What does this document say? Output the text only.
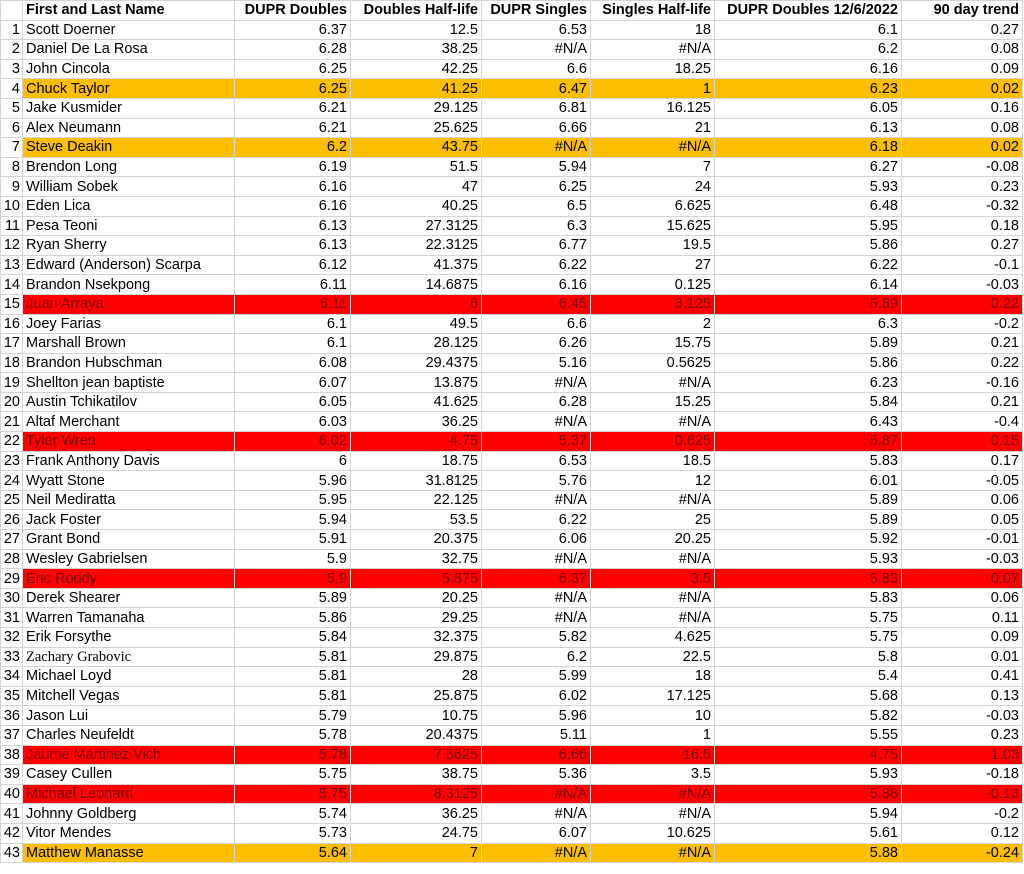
	First and Last Name	DUPR Doubles	Doubles Half-life	DUPR Singles	Singles Half-life	DUPR Doubles 12/6/2022	90 day trend
1	Scott Doerner	6.37	12.5	6.53	18	6.1	0.27
2	Daniel De La Rosa	6.28	38.25	#N/A	#N/A	6.2	0.08
3	John Cincola	6.25	42.25	6.6	18.25	6.16	0.09
4	Chuck Taylor	6.25	41.25	6.47	1	6.23	0.02
5	Jake Kusmider	6.21	29.125	6.81	16.125	6.05	0.16
6	Alex Neumann	6.21	25.625	6.66	21	6.13	0.08
7	Steve Deakin	6.2	43.75	#N/A	#N/A	6.18	0.02
8	Brendon Long	6.19	51.5	5.94	7	6.27	-0.08
9	William Sobek	6.16	47	6.25	24	5.93	0.23
10	Eden Lica	6.16	40.25	6.5	6.625	6.48	-0.32
11	Pesa Teoni	6.13	27.3125	6.3	15.625	5.95	0.18
12	Ryan Sherry	6.13	22.3125	6.77	19.5	5.86	0.27
13	Edward (Anderson) Scarpa	6.12	41.375	6.22	27	6.22	-0.1
14	Brandon Nsekpong	6.11	14.6875	6.16	0.125	6.14	-0.03
15	Juan Arraya	6.11	6	6.45	3.125	5.89	0.22
16	Joey Farias	6.1	49.5	6.6	2	6.3	-0.2
17	Marshall Brown	6.1	28.125	6.26	15.75	5.89	0.21
18	Brandon Hubschman	6.08	29.4375	5.16	0.5625	5.86	0.22
19	Shellton jean baptiste	6.07	13.875	#N/A	#N/A	6.23	-0.16
20	Austin Tchikatilov	6.05	41.625	6.28	15.25	5.84	0.21
21	Altaf Merchant	6.03	36.25	#N/A	#N/A	6.43	-0.4
22	Tyler Wren	6.02	4.75	5.37	0.625	5.87	0.15
23	Frank Anthony Davis	6	18.75	6.53	18.5	5.83	0.17
24	Wyatt Stone	5.96	31.8125	5.76	12	6.01	-0.05
25	Neil Mediratta	5.95	22.125	#N/A	#N/A	5.89	0.06
26	Jack Foster	5.94	53.5	6.22	25	5.89	0.05
27	Grant Bond	5.91	20.375	6.06	20.25	5.92	-0.01
28	Wesley Gabrielsen	5.9	32.75	#N/A	#N/A	5.93	-0.03
29	Eric Roddy	5.9	5.875	6.37	3.5	5.83	0.07
30	Derek Shearer	5.89	20.25	#N/A	#N/A	5.83	0.06
31	Warren Tamanaha	5.86	29.25	#N/A	#N/A	5.75	0.11
32	Erik Forsythe	5.84	32.375	5.82	4.625	5.75	0.09
33	Zachary Grabovic	5.81	29.875	6.2	22.5	5.8	0.01
34	Michael Loyd	5.81	28	5.99	18	5.4	0.41
35	Mitchell Vegas	5.81	25.875	6.02	17.125	5.68	0.13
36	Jason Lui	5.79	10.75	5.96	10	5.82	-0.03
37	Charles Neufeldt	5.78	20.4375	5.11	1	5.55	0.23
38	Jaume Martinez Vich	5.78	7.5625	6.66	16.5	4.75	1.03
39	Casey Cullen	5.75	38.75	5.36	3.5	5.93	-0.18
40	Michael Leonard	5.75	8.3125	#N/A	#N/A	5.88	-0.13
41	Johnny Goldberg	5.74	36.25	#N/A	#N/A	5.94	-0.2
42	Vitor Mendes	5.73	24.75	6.07	10.625	5.61	0.12
43	Matthew Manasse	5.64	7	#N/A	#N/A	5.88	-0.24
